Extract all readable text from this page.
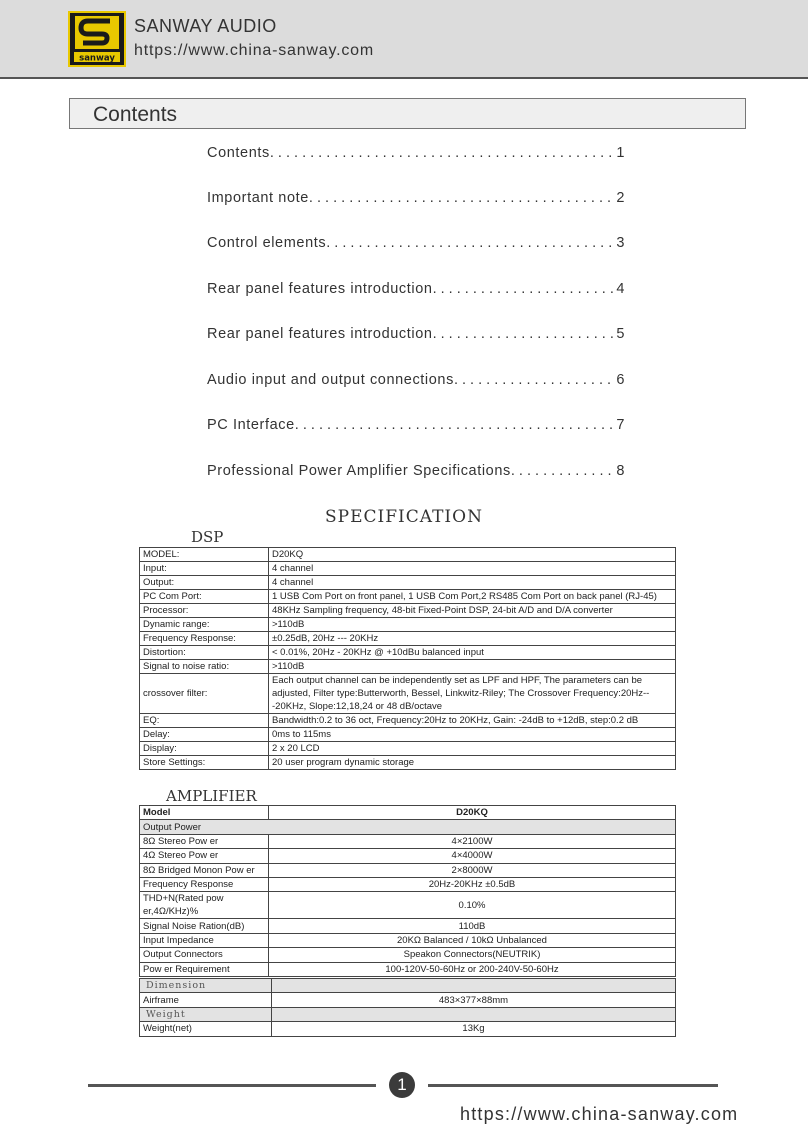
sanway
SANWAY AUDIO
https://www.china-sanway.com
Contents
Contents . . .	1
Important note . . .	2
Control elements . . .	3
Rear panel features introduction . . .	4
Rear panel features introduction . . .	5
Audio input and output connections . . .	6
PC Interface . . .	7
Professional Power Amplifier Specifications . . .	8
SPECIFICATION
DSP
MODEL:	D20KQ
Input:	4 channel
Output:	4 channel
PC Com Port:	1 USB Com Port on front panel, 1 USB Com Port,2 RS485 Com Port on back panel (RJ-45)
Processor:	48KHz Sampling frequency, 48-bit Fixed-Point DSP, 24-bit A/D and D/A converter
Dynamic range:	>110dB
Frequency Response:	±0.25dB, 20Hz --- 20KHz
Distortion:	< 0.01%, 20Hz - 20KHz @ +10dBu balanced input
Signal to noise ratio:	>110dB
crossover filter:	Each output channel can be independently set as LPF and HPF, The parameters can be adjusted, Filter type:Butterworth, Bessel, Linkwitz-Riley; The Crossover Frequency:20Hz---20KHz, Slope:12,18,24 or 48 dB/octave
EQ:	Bandwidth:0.2 to 36 oct, Frequency:20Hz to 20KHz, Gain: -24dB to +12dB, step:0.2 dB
Delay:	0ms to 115ms
Display:	2 x 20 LCD
Store Settings:	20 user program dynamic storage
AMPLIFIER
Model	D20KQ
Output Power	
8Ω Stereo Pow er	4×2100W
4Ω Stereo Pow er	4×4000W
8Ω Bridged Monon Pow er	2×8000W
Frequency Response	20Hz-20KHz ±0.5dB
THD+N(Rated pow er,4Ω/KHz)%	0.10%
Signal Noise Ration(dB)	110dB
Input Impedance	20KΩ Balanced / 10kΩ Unbalanced
Output Connectors	Speakon Connectors(NEUTRIK)
Pow er Requirement	100-120V-50-60Hz or 200-240V-50-60Hz
Dimension	
Airframe	483×377×88mm
Weight	
Weight(net)	13Kg
1
https://www.china-sanway.com
